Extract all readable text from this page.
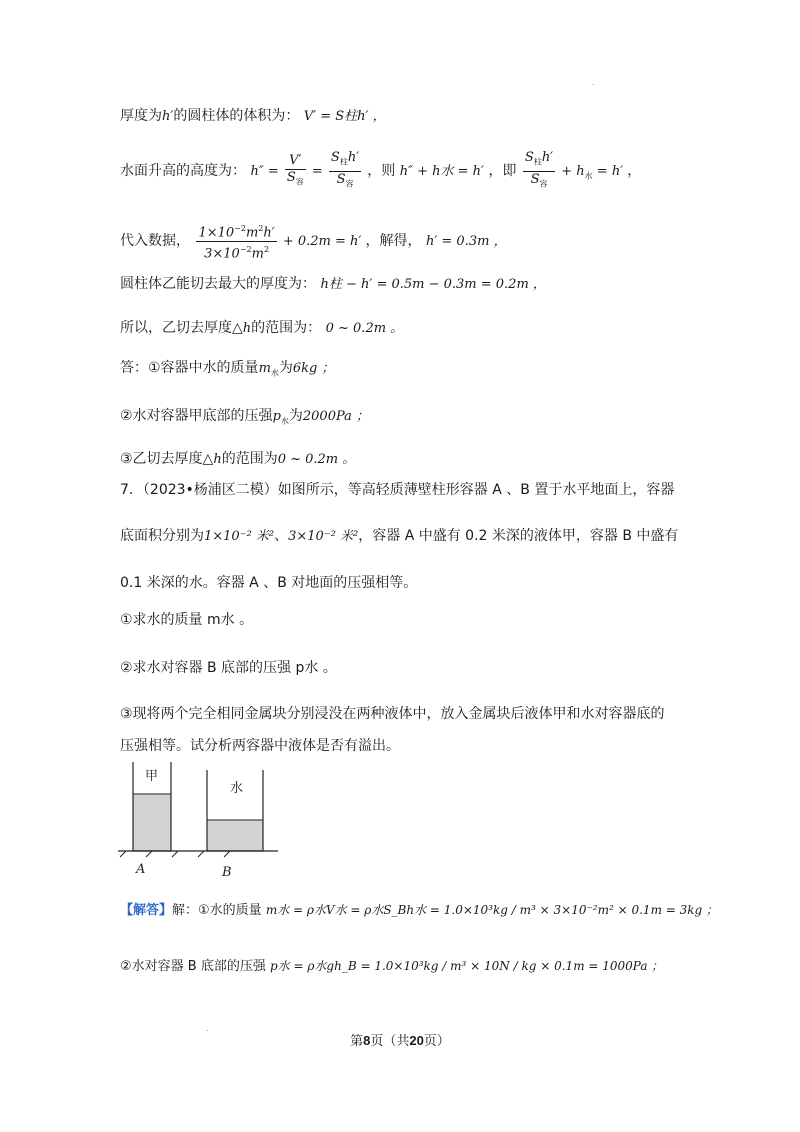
.
厚度为h′的圆柱体的体积为： V′ = S柱h′ ，
水面升高的高度为： $h'' = \frac{V'}{S_容} = \frac{S_柱h'}{S_容}$ ，则 h″ + h水 = h′ ，即 $\frac{S_柱h'}{S_容} + h_水 = h'$ ，
代入数据， $\frac{1\times 10^{-2}m^2h'}{3\times 10^{-2}m^2} + 0.2m = h'$ ，解得， h′ = 0.3m ，
圆柱体乙能切去最大的厚度为： h柱 − h′ = 0.5m − 0.3m = 0.2m ，
所以，乙切去厚度△h的范围为： 0 ~ 0.2m 。
答：①容器中水的质量$m_水$为6kg ；
②水对容器甲底部的压强$p_水$为2000Pa ；
③乙切去厚度△h的范围为0 ~ 0.2m 。
7．（2023•杨浦区二模）如图所示，等高轻质薄壁柱形容器 A 、B 置于水平地面上，容器
底面积分别为1×10⁻² 米²、3×10⁻² 米²，容器 A 中盛有 0.2 米深的液体甲，容器 B 中盛有
0.1 米深的水。容器 A 、B 对地面的压强相等。
①求水的质量 m水 。
②求水对容器 B 底部的压强 p水 。
③现将两个完全相同金属块分别浸没在两种液体中，放入金属块后液体甲和水对容器底的
压强相等。试分析两容器中液体是否有溢出。
甲
水
A	B
【解答】解：①水的质量 m水 = ρ水V水 = ρ水S_Bh水 = 1.0×10³kg / m³ × 3×10⁻²m² × 0.1m = 3kg ；
②水对容器 B 底部的压强 p水 = ρ水gh_B = 1.0×10³kg / m³ × 10N / kg × 0.1m = 1000Pa ；
.
第8页（共20页）
